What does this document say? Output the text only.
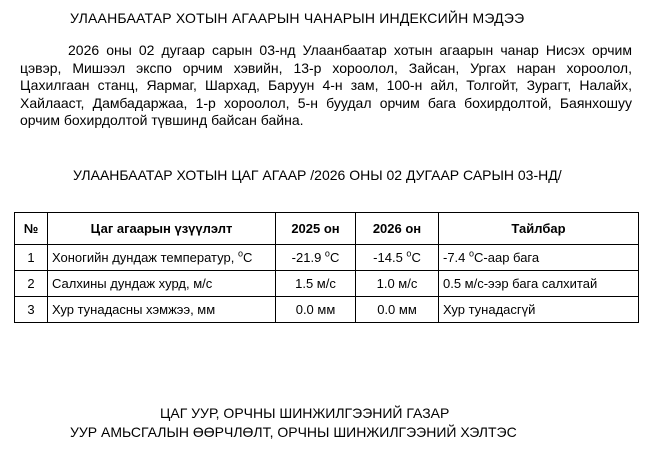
УЛААНБААТАР ХОТЫН АГААРЫН ЧАНАРЫН ИНДЕКСИЙН МЭДЭЭ
2026 оны 02 дугаар сарын 03-нд Улаанбаатар хотын агаарын чанар Нисэх орчим цэвэр, Мишээл экспо орчим хэвийн, 13-р хороолол, Зайсан, Ургах наран хороолол, Цахилгаан станц, Яармаг, Шархад, Баруун 4-н зам, 100-н айл, Толгойт, Зурагт, Налайх, Хайлааст, Дамбадаржаа, 1-р хороолол, 5-н буудал орчим бага бохирдолтой, Баянхошуу орчим бохирдолтой түвшинд байсан байна.
УЛААНБААТАР ХОТЫН ЦАГ АГААР /2026 ОНЫ 02 ДУГААР САРЫН 03-НД/
№	Цаг агаарын үзүүлэлт	2025 он	2026 он	Тайлбар
1	Хоногийн дундаж температур, $^о$С	-21.9 $^о$С	-14.5 $^о$С	-7.4 $^о$С-аар бага
2	Салхины дундаж хурд, м/с	1.5 м/с	1.0 м/с	0.5 м/с-ээр бага салхитай
3	Хур тунадасны хэмжээ, мм	0.0 мм	0.0 мм	Хур тунадасгүй
ЦАГ УУР, ОРЧНЫ ШИНЖИЛГЭЭНИЙ ГАЗАР
УУР АМЬСГАЛЫН ӨӨРЧЛӨЛТ, ОРЧНЫ ШИНЖИЛГЭЭНИЙ ХЭЛТЭС
